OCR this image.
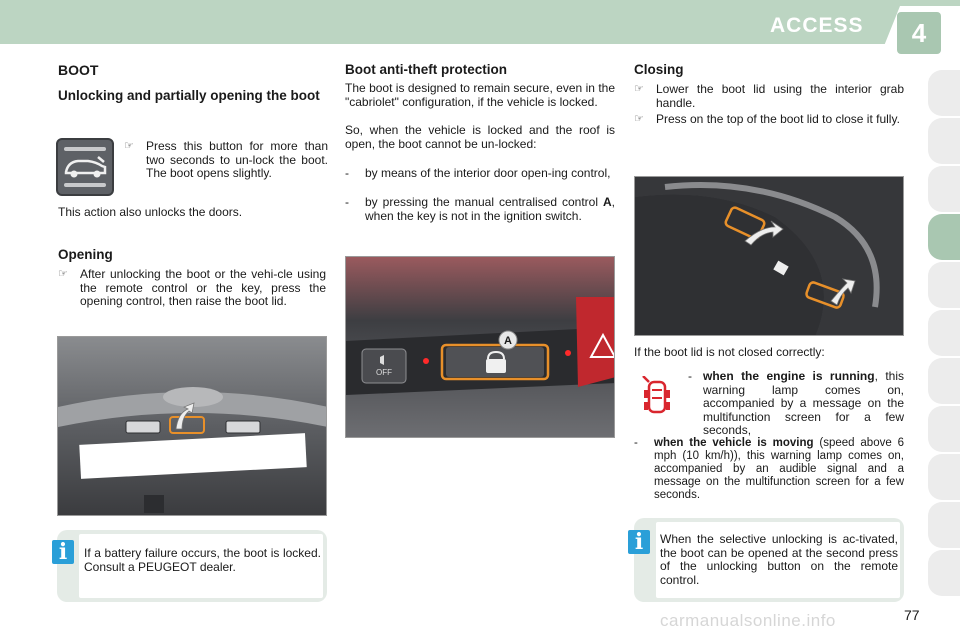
ACCESS	4
BOOT
Unlocking and partially opening the boot
☞	Press this button for more than two seconds to un-lock the boot. The boot opens slightly.
This action also unlocks the doors.
Opening
☞	After unlocking the boot or the vehi-cle using the remote control or the key, press the opening control, then raise the boot lid.
i	If a battery failure occurs, the boot is locked. Consult a PEUGEOT dealer.
Boot anti-theft protection
The boot is designed to remain secure, even in the "cabriolet" configuration, if the vehicle is locked.
So, when the vehicle is locked and the roof is open, the boot cannot be un-locked:
-	by means of the interior door open-ing control,
-	by pressing the manual centralised control A, when the key is not in the ignition switch.
OFF
A
Closing
☞	Lower the boot lid using the interior grab handle.
☞	Press on the top of the boot lid to close it fully.
If the boot lid is not closed correctly:
- when the engine is running, this warning lamp comes on, accompanied by a message on the multifunction screen for a few seconds,
-	when the vehicle is moving (speed above 6 mph (10 km/h)), this warning lamp comes on, accompanied by an audible signal and a message on the multifunction screen for a few seconds.
i	When the selective unlocking is ac-tivated, the boot can be opened at the second press of the unlocking button on the remote control.
carmanualsonline.info	77
